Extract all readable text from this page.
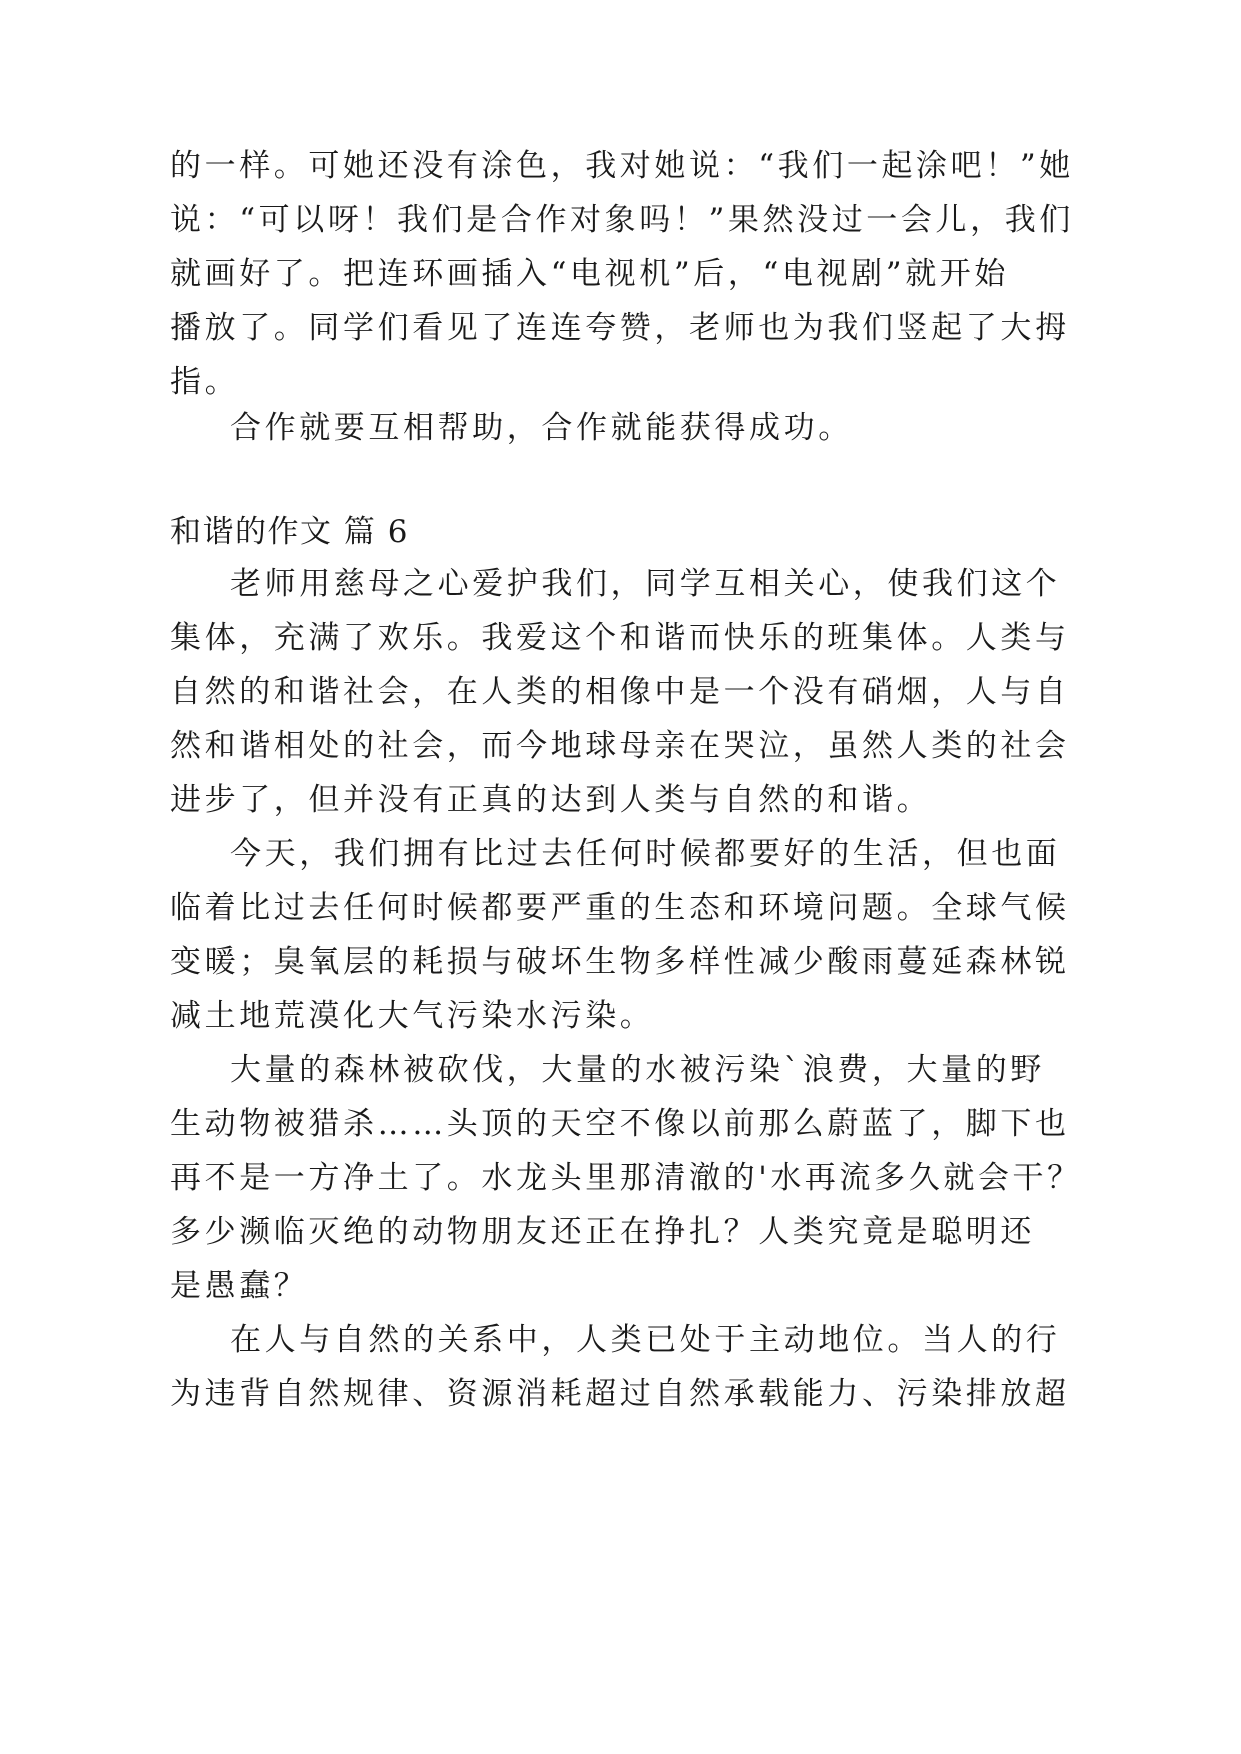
的一样。可她还没有涂色，我对她说：“我们一起涂吧！”她
说：“可以呀！我们是合作对象吗！”果然没过一会儿，我们
就画好了。把连环画插入“电视机”后，“电视剧”就开始
播放了。同学们看见了连连夸赞，老师也为我们竖起了大拇
指。
合作就要互相帮助，合作就能获得成功。
和谐的作文 篇 6
老师用慈母之心爱护我们，同学互相关心，使我们这个
集体，充满了欢乐。我爱这个和谐而快乐的班集体。人类与
自然的和谐社会，在人类的相像中是一个没有硝烟，人与自
然和谐相处的社会，而今地球母亲在哭泣，虽然人类的社会
进步了，但并没有正真的达到人类与自然的和谐。
今天，我们拥有比过去任何时候都要好的生活，但也面
临着比过去任何时候都要严重的生态和环境问题。全球气候
变暖；臭氧层的耗损与破坏生物多样性减少酸雨蔓延森林锐
减土地荒漠化大气污染水污染。
大量的森林被砍伐，大量的水被污染`浪费，大量的野
生动物被猎杀……头顶的天空不像以前那么蔚蓝了，脚下也
再不是一方净土了。水龙头里那清澈的'水再流多久就会干？
多少濒临灭绝的动物朋友还正在挣扎？人类究竟是聪明还
是愚蠢？
在人与自然的关系中，人类已处于主动地位。当人的行
为违背自然规律、资源消耗超过自然承载能力、污染排放超
